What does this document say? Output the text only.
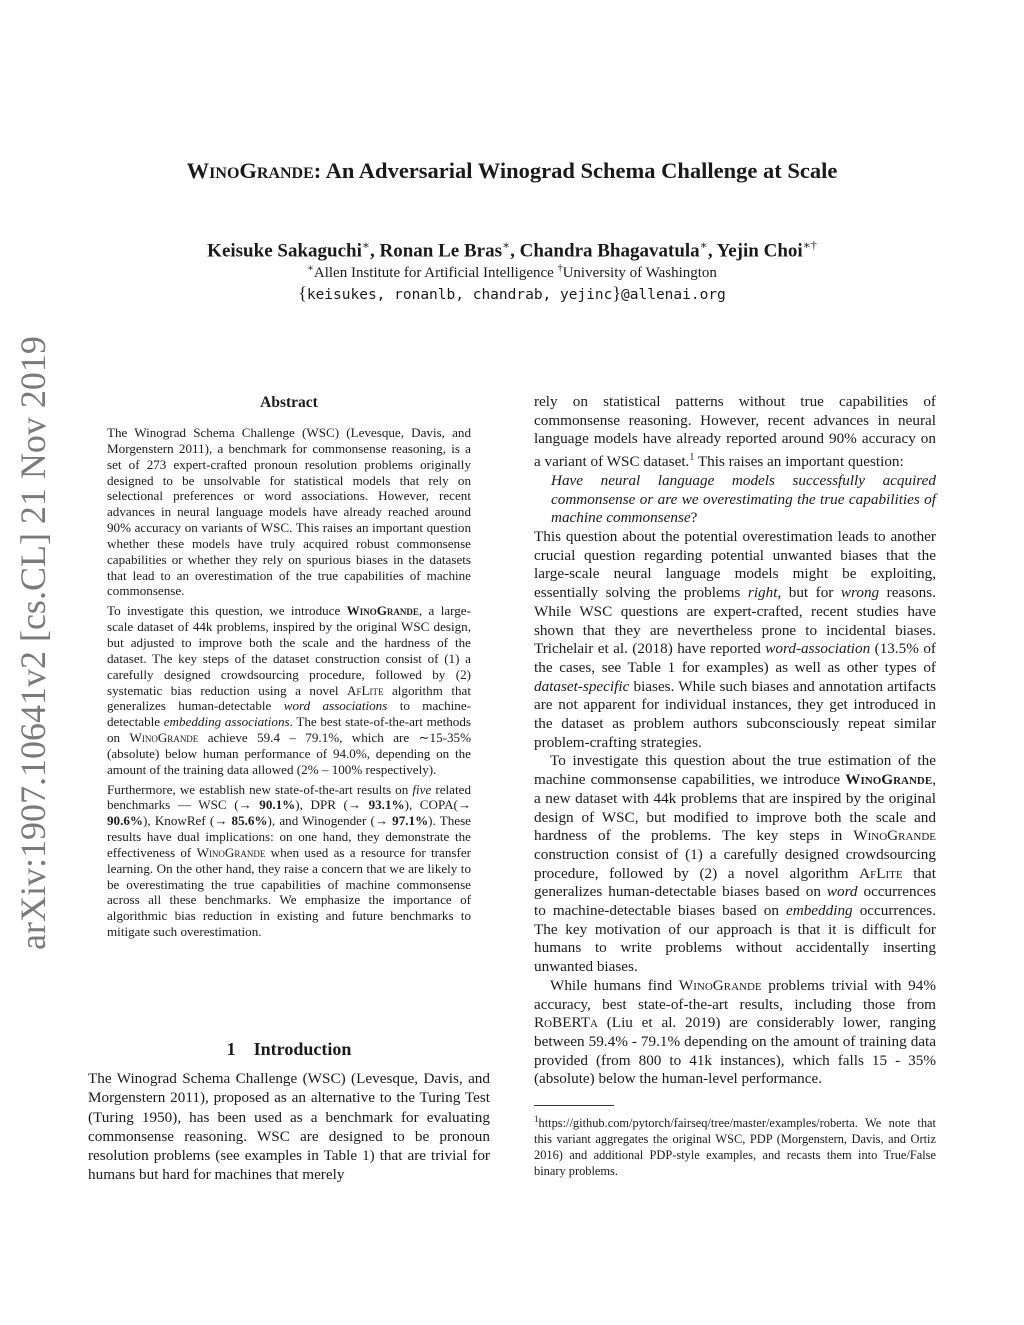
arXiv:1907.10641v2 [cs.CL] 21 Nov 2019
WinoGrande: An Adversarial Winograd Schema Challenge at Scale
Keisuke Sakaguchi∗, Ronan Le Bras∗, Chandra Bhagavatula∗, Yejin Choi∗†
∗Allen Institute for Artificial Intelligence †University of Washington
{keisukes, ronanlb, chandrab, yejinc}@allenai.org
Abstract

The Winograd Schema Challenge (WSC) (Levesque, Davis, and Morgenstern 2011), a benchmark for commonsense reasoning, is a set of 273 expert-crafted pronoun resolution problems originally designed to be unsolvable for statistical models that rely on selectional preferences or word associations. However, recent advances in neural language models have already reached around 90% accuracy on variants of WSC. This raises an important question whether these models have truly acquired robust commonsense capabilities or whether they rely on spurious biases in the datasets that lead to an overestimation of the true capabilities of machine commonsense.

To investigate this question, we introduce WinoGrande, a large-scale dataset of 44k problems, inspired by the original WSC design, but adjusted to improve both the scale and the hardness of the dataset. The key steps of the dataset construction consist of (1) a carefully designed crowdsourcing procedure, followed by (2) systematic bias reduction using a novel AfLite algorithm that generalizes human-detectable word associations to machine-detectable embedding associations. The best state-of-the-art methods on WinoGrande achieve 59.4 – 79.1%, which are ∼15-35% (absolute) below human performance of 94.0%, depending on the amount of the training data allowed (2% – 100% respectively).

Furthermore, we establish new state-of-the-art results on five related benchmarks — WSC (→ 90.1%), DPR (→ 93.1%), COPA(→ 90.6%), KnowRef (→ 85.6%), and Winogender (→ 97.1%). These results have dual implications: on one hand, they demonstrate the effectiveness of WinoGrande when used as a resource for transfer learning. On the other hand, they raise a concern that we are likely to be overestimating the true capabilities of machine commonsense across all these benchmarks. We emphasize the importance of algorithmic bias reduction in existing and future benchmarks to mitigate such overestimation.

1 Introduction

The Winograd Schema Challenge (WSC) (Levesque, Davis, and Morgenstern 2011), proposed as an alternative to the Turing Test (Turing 1950), has been used as a benchmark for evaluating commonsense reasoning. WSC are designed to be pronoun resolution problems (see examples in Table 1) that are trivial for humans but hard for machines that merely

rely on statistical patterns without true capabilities of commonsense reasoning. However, recent advances in neural language models have already reported around 90% accuracy on a variant of WSC dataset.$^1$ This raises an important question:

Have neural language models successfully acquired commonsense or are we overestimating the true capabilities of machine commonsense?

This question about the potential overestimation leads to another crucial question regarding potential unwanted biases that the large-scale neural language models might be exploiting, essentially solving the problems right, but for wrong reasons. While WSC questions are expert-crafted, recent studies have shown that they are nevertheless prone to incidental biases. Trichelair et al. (2018) have reported word-association (13.5% of the cases, see Table 1 for examples) as well as other types of dataset-specific biases. While such biases and annotation artifacts are not apparent for individual instances, they get introduced in the dataset as problem authors subconsciously repeat similar problem-crafting strategies.

To investigate this question about the true estimation of the machine commonsense capabilities, we introduce WinoGrande, a new dataset with 44k problems that are inspired by the original design of WSC, but modified to improve both the scale and hardness of the problems. The key steps in WinoGrande construction consist of (1) a carefully designed crowdsourcing procedure, followed by (2) a novel algorithm AfLite that generalizes human-detectable biases based on word occurrences to machine-detectable biases based on embedding occurrences. The key motivation of our approach is that it is difficult for humans to write problems without accidentally inserting unwanted biases.

While humans find WinoGrande problems trivial with 94% accuracy, best state-of-the-art results, including those from RoBERTa (Liu et al. 2019) are considerably lower, ranging between 59.4% - 79.1% depending on the amount of training data provided (from 800 to 41k instances), which falls 15 - 35% (absolute) below the human-level performance.

$^1$https://github.com/pytorch/fairseq/tree/master/examples/roberta. We note that this variant aggregates the original WSC, PDP (Morgenstern, Davis, and Ortiz 2016) and additional PDP-style examples, and recasts them into True/False binary problems.
